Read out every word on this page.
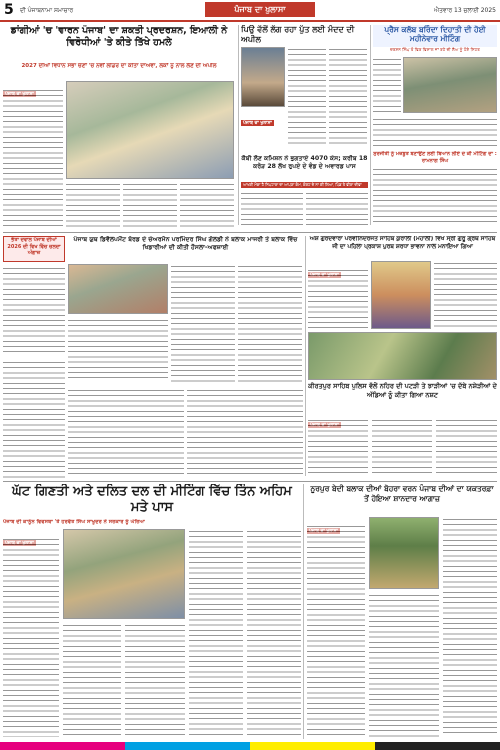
5 ਦੀ ਪੰਜਾਬਨਾਮਾ ਸਮਾਚਾਰ	ਪੰਜਾਬ ਦਾ ਖੁਲਾਸਾ	ਐਤਵਾਰ 13 ਜੁਲਾਈ 2025
ਡਾਂਗੀਆਂ 'ਚ 'ਵਾਰਨ ਪੰਜਾਬ' ਦਾ ਸ਼ਕਤੀ ਪ੍ਰਦਰਸ਼ਨ, ਇਆਲੀ ਨੇ ਵਿਰੋਧੀਆਂ 'ਤੇ ਕੀਤੇ ਤਿੱਖੇ ਹਮਲੇ
2027 ਦੀਆਂ ਵਿਧਾਨ ਸਭਾ ਚੋਣਾਂ 'ਚ ਨਵੀਂ ਲੀਡਰ ਦਾ ਕੀਤਾ ਦਾਅਵਾ, ਲੋਕਾਂ ਨੂੰ ਨਾਲ ਲੈਣ ਦੀ ਅਪੀਲ
ਪਿਉ ਵੱਲੋਂ ਲੱਗ ਰਹਾ ਪੁੱਤ ਲਈ ਮੰਦਦ ਦੀ ਅਪੀਲ
ਪੰਜਾਬ ਦਾ ਖੁਲਾਸਾ
ਕੈਬੀ ਲੋਣ ਕਮਿਸ਼ਨ ਨੇ ਭੁਗਤਾਏ 4070 ਕੇਸ; ਕਰੀਬ 18 ਕਰੋੜ 28 ਲੱਖ ਰੁਪਏ ਦੇ ਵੰਡ ਦੇ ਅਵਾਰਡ ਪਾਸ
ਆਖਰੀ ਮੌਕਾ ਹੈ ਨਿਪਟਾਰਾ ਦਾ ਆਪਣਾ ਕੰਮ, ਕੋਰਟ ਦੇ ਨਾ ਕੀ ਲਿਆ, ਪਿੰਡ ਤੇ ਵੀਰਾ ਦੀਵਾ
ਪ੍ਰੈਸ ਕਲੱਬ ਬਰਿੰਦਾ ਦਿਹਾਤੀ ਦੀ ਹੋਈ ਮਹੀਨੇਵਾਰ ਮੀਟਿੰਗ
ਦਰਸ਼ਨ ਸਿੰਘ ਤੋ ਫਿਰ ਵਿਸ਼ਾਲ ਜਾਂ ਰਹੇ ਦੀ ਲੈਅ ਨੂੰ ਹੋਏ ਸਿਹਤ
ਸੁਰਜੀਤੀ ਨੂੰ ਮਜ਼ਬੂਤ ਬਣਾਉਣ ਲਈ ਬਿਆਨ ਲੀਏ ਦੋ ਕੀ ਮੀਟਿੰਗ ਦਾ : ਰਾਮਨਾਗ ਸਿੰਘ
ਭੰਤਾ ਦਵਾਲ ਪੰਜਾਬ ਦੀਆਂ 2026 ਦੀ ਵਿਖ ਵਿੱਚ ਚਲਦਾ ਅੱਗਾਜ਼
ਪੰਜਾਬ ਯੁਥ ਡਿਵੈਲਪਮੈਂਟ ਬੋਰਡ ਦੇ ਚੇਅਰਮੈਨ ਪਰਮਿੰਦਰ ਸਿੰਘ ਗੋਲਡੀ ਨੇ ਬਲਾਕ ਮਾਜਰੀ ਤੇ ਬਲਾਕ ਵਿੱਚ ਖਿਡਾਰੀਆਂ ਦੀ ਕੀਤੀ ਹੌਸਲਾ-ਅਫਜ਼ਾਈ
ਅੰਸ਼ ਗੁਰਦਵਾਰਾ ਪਰਵੀਨਿੰਦਰਜੋਤ ਸਾਹਿਬ ਕੁਰਾਲੀ (ਮੋਹਾਲੀ) ਵਿਖੇ ਸ੍ਰੀ ਗੁਰੂ ਗ੍ਰੰਥ ਸਾਹਿਬ ਜੀ ਦਾ ਪਹਿਲਾ ਪ੍ਰਕਾਸ਼ ਪੁਰਬ ਸ਼ਰਧਾ ਭਾਵਨਾ ਨਾਲ ਮਨਾਇਆ ਗਿਆ
ਕੀਰਤਪੁਰ ਸਾਹਿਬ ਪੁਲਿਸ ਵੱਲੋਂ ਨਹਿਰ ਦੀ ਪਟੜੀ ਤੇ ਝਾੜੀਆਂ 'ਚ ਦੱਬੇ ਨਸ਼ੇੜੀਆਂ ਦੇ ਅੱਡਿਆਂ ਨੂੰ ਕੀਤਾ ਗਿਆ ਨਸ਼ਟ
ਘੱਟ ਗਿਣਤੀ ਅਤੇ ਦਲਿਤ ਦਲ ਦੀ ਮੀਟਿੰਗ ਵਿੱਚ ਤਿੰਨ ਅਹਿਮ ਮਤੇ ਪਾਸ
ਪੰਜਾਬ ਦੀ ਕਾਨੂੰਨ ਵਿਵਸਥਾ 'ਤੇ ਹਰਵੰਤ ਸਿੰਘ ਸਾਖੂਦਰ ਨੇ ਸਰਕਾਰ ਨੂੰ ਘੇਰਿਆ
ਨੂਰਪੁਰ ਬੇਦੀ ਬਲਾਕ ਦੀਆਂ ਬੋਹਰਾ ਵਰਨ ਪੰਜਾਬ ਦੀਆਂ ਦਾ ਯਕਤਰਫ਼ਾ ਤੋਂ ਹੋਇਆ ਸ਼ਾਨਦਾਰ ਆਗਾਜ਼
